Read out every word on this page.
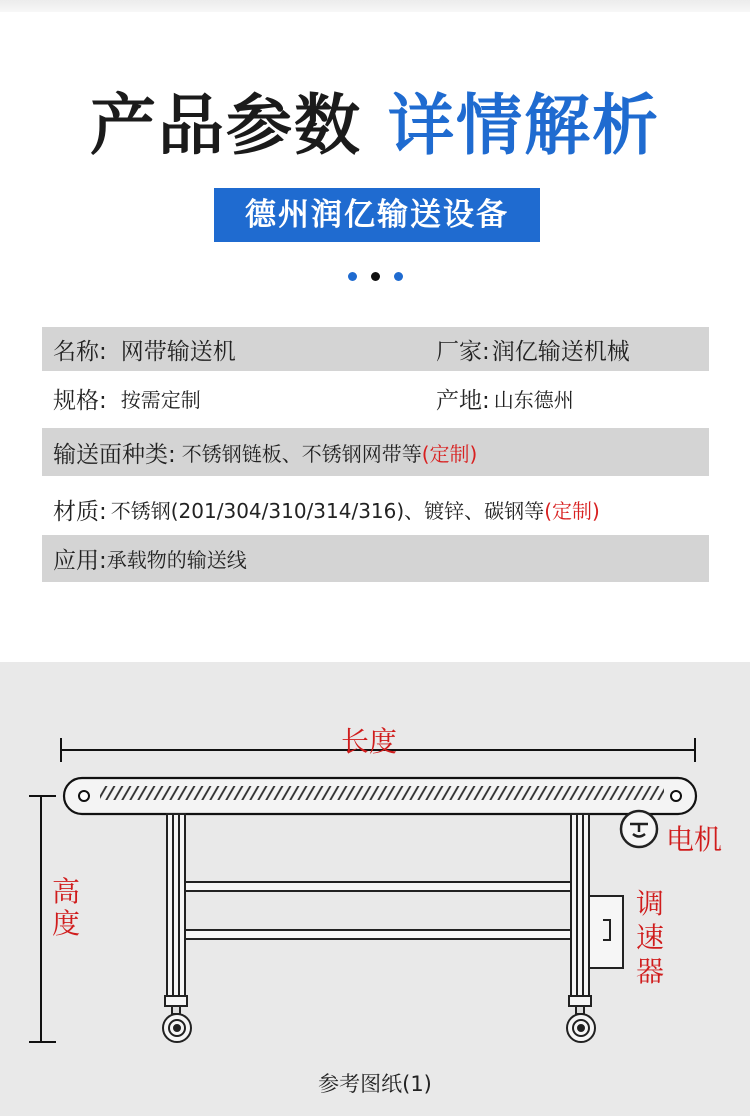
产品参数 详情解析
德州润亿输送设备
名称: 网带输送机	厂家: 润亿输送机械
规格: 按需定制	产地: 山东德州
输送面种类: 不锈钢链板、不锈钢网带等 (定制)
材质: 不锈钢(201/304/310/314/316)、镀锌、碳钢等 (定制)
应用: 承载物的输送线
长度
高
度
电机
调
速
器
参考图纸(1)
